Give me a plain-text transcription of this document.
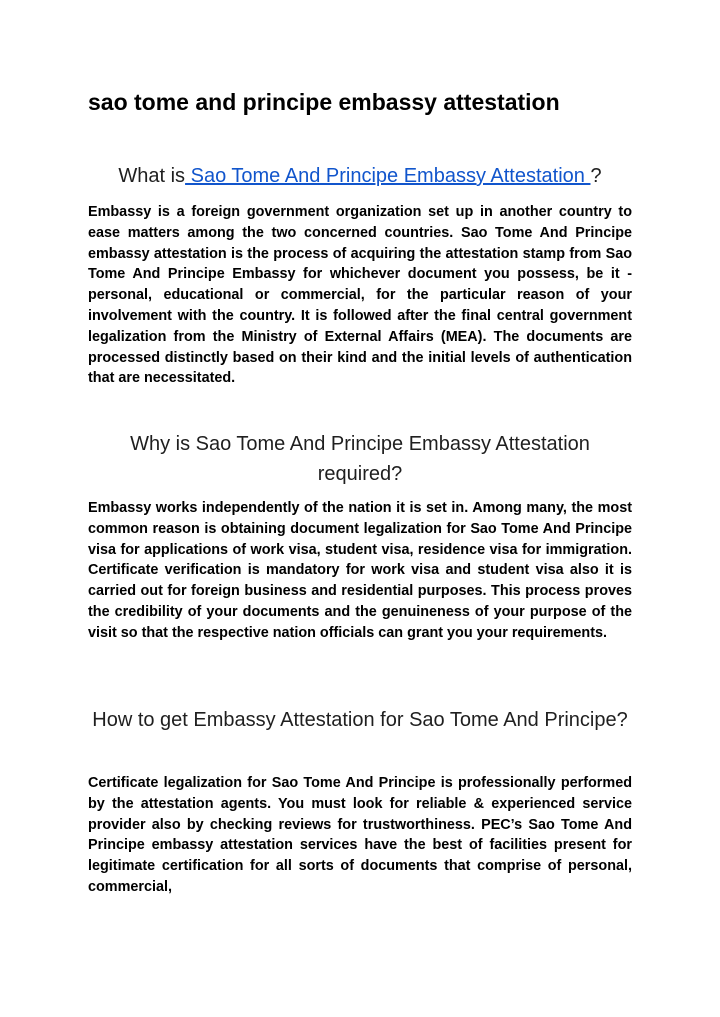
sao tome and principe embassy attestation
What is Sao Tome And Principe Embassy Attestation ?

Embassy is a foreign government organization set up in another country to ease matters among the two concerned countries. Sao Tome And Principe embassy attestation is the process of acquiring the attestation stamp from Sao Tome And Principe Embassy for whichever document you possess, be it - personal, educational or commercial, for the particular reason of your involvement with the country. It is followed after the final central government legalization from the Ministry of External Affairs (MEA). The documents are processed distinctly based on their kind and the initial levels of authentication that are necessitated.

Why is Sao Tome And Principe Embassy Attestation required?

Embassy works independently of the nation it is set in. Among many, the most common reason is obtaining document legalization for Sao Tome And Principe visa for applications of work visa, student visa, residence visa for immigration. Certificate verification is mandatory for work visa and student visa also it is carried out for foreign business and residential purposes. This process proves the credibility of your documents and the genuineness of your purpose of the visit so that the respective nation officials can grant you your requirements.

How to get Embassy Attestation for Sao Tome And Principe?

Certificate legalization for Sao Tome And Principe is professionally performed by the attestation agents. You must look for reliable & experienced service provider also by checking reviews for trustworthiness. PEC’s Sao Tome And Principe embassy attestation services have the best of facilities present for legitimate certification for all sorts of documents that comprise of personal, commercial,
